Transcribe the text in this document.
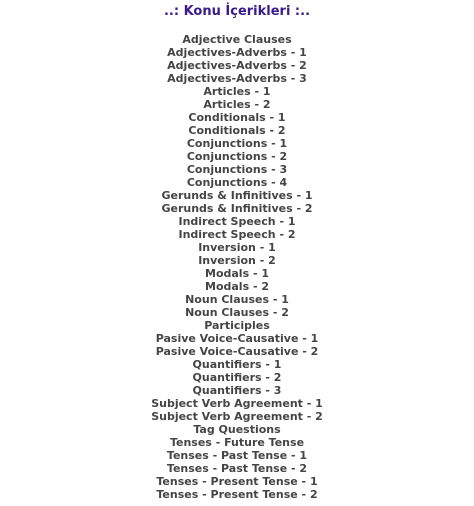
..: Konu İçerikleri :..
Adjective Clauses
Adjectives-Adverbs - 1
Adjectives-Adverbs - 2
Adjectives-Adverbs - 3
Articles - 1
Articles - 2
Conditionals - 1
Conditionals - 2
Conjunctions - 1
Conjunctions - 2
Conjunctions - 3
Conjunctions - 4
Gerunds & Infinitives - 1
Gerunds & Infinitives - 2
Indirect Speech - 1
Indirect Speech - 2
Inversion - 1
Inversion - 2
Modals - 1
Modals - 2
Noun Clauses - 1
Noun Clauses - 2
Participles
Pasive Voice-Causative - 1
Pasive Voice-Causative - 2
Quantifiers - 1
Quantifiers - 2
Quantifiers - 3
Subject Verb Agreement - 1
Subject Verb Agreement - 2
Tag Questions
Tenses - Future Tense
Tenses - Past Tense - 1
Tenses - Past Tense - 2
Tenses - Present Tense - 1
Tenses - Present Tense - 2
